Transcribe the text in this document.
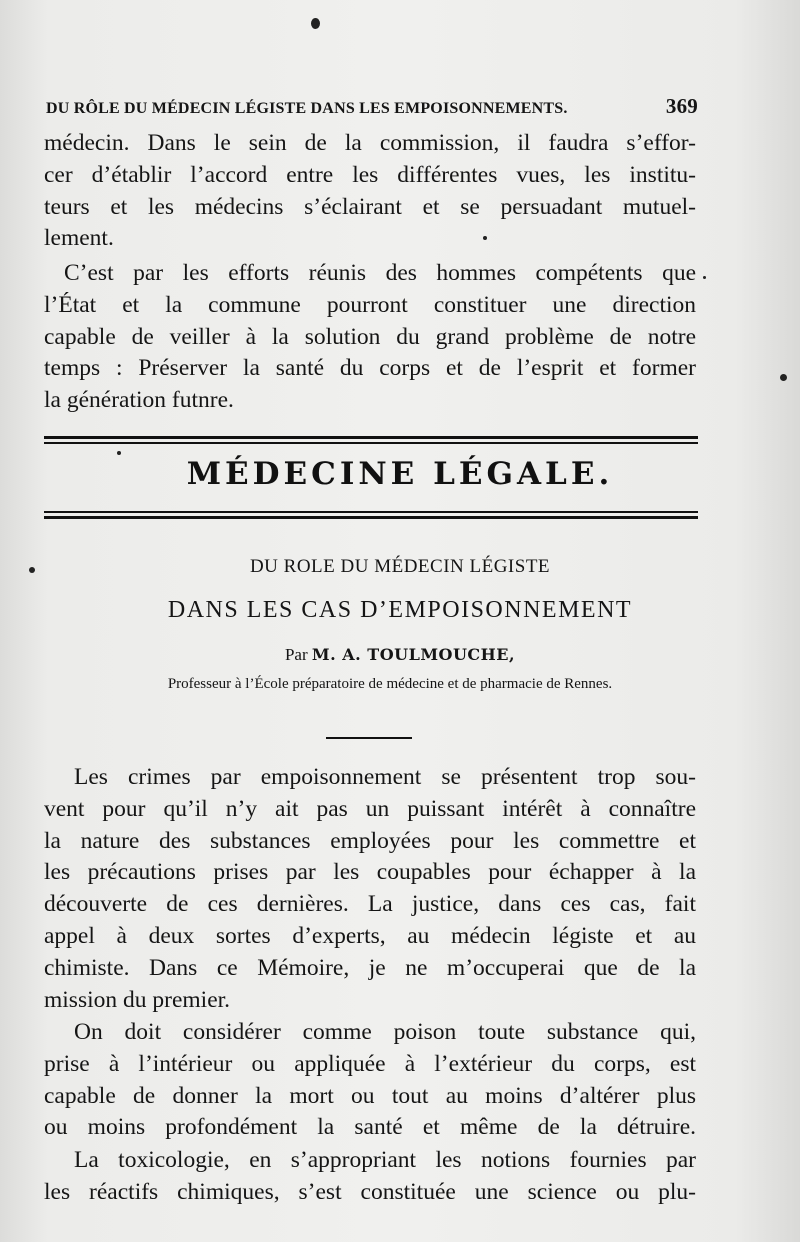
DU RÔLE DU MÉDECIN LÉGISTE DANS LES EMPOISONNEMENTS.	369
médecin. Dans le sein de la commission, il faudra s’effor-
cer d’établir l’accord entre les différentes vues, les institu-
teurs et les médecins s’éclairant et se persuadant mutuel-
lement.
C’est par les efforts réunis des hommes compétents que
l’État et la commune pourront constituer une direction
capable de veiller à la solution du grand problème de notre
temps : Préserver la santé du corps et de l’esprit et former
la génération futnre.
MÉDECINE LÉGALE.
DU ROLE DU MÉDECIN LÉGISTE
DANS LES CAS D’EMPOISONNEMENT
Par M. A. TOULMOUCHE,
Professeur à l’École préparatoire de médecine et de pharmacie de Rennes.
Les crimes par empoisonnement se présentent trop sou-
vent pour qu’il n’y ait pas un puissant intérêt à connaître
la nature des substances employées pour les commettre et
les précautions prises par les coupables pour échapper à la
découverte de ces dernières. La justice, dans ces cas, fait
appel à deux sortes d’experts, au médecin légiste et au
chimiste. Dans ce Mémoire, je ne m’occuperai que de la
mission du premier.
On doit considérer comme poison toute substance qui,
prise à l’intérieur ou appliquée à l’extérieur du corps, est
capable de donner la mort ou tout au moins d’altérer plus
ou moins profondément la santé et même de la détruire.
La toxicologie, en s’appropriant les notions fournies par
les réactifs chimiques, s’est constituée une science ou plu-
